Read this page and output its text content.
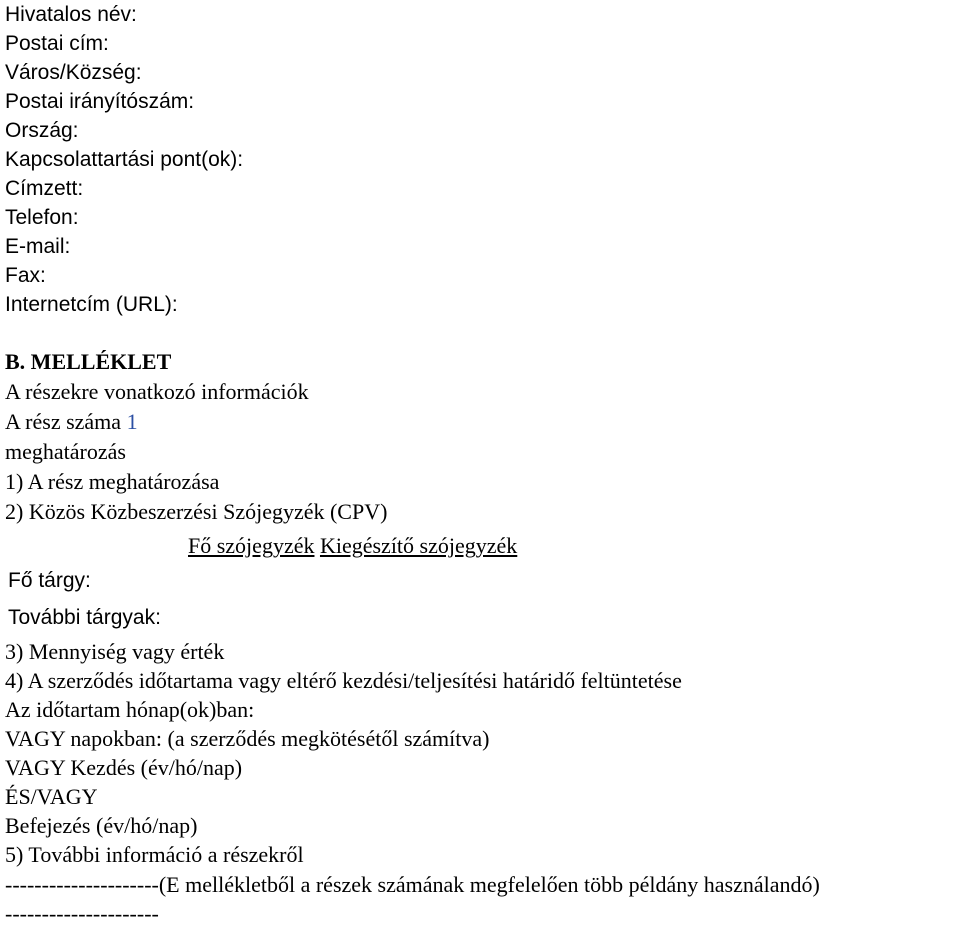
Hivatalos név:
Postai cím:
Város/Község:
Postai irányítószám:
Ország:
Kapcsolattartási pont(ok):
Címzett:
Telefon:
E-mail:
Fax:
Internetcím (URL):
B. MELLÉKLET
A részekre vonatkozó információk
A rész száma 1
meghatározás
1) A rész meghatározása
2) Közös Közbeszerzési Szójegyzék (CPV)
Fő szójegyzék Kiegészítő szójegyzék
Fő tárgy:
További tárgyak:
3) Mennyiség vagy érték
4) A szerződés időtartama vagy eltérő kezdési/teljesítési határidő feltüntetése
Az időtartam hónap(ok)ban:
VAGY napokban: (a szerződés megkötésétől számítva)
VAGY Kezdés (év/hó/nap)
ÉS/VAGY
Befejezés (év/hó/nap)
5) További információ a részekről
---------------------(E mellékletből a részek számának megfelelően több példány használandó)
---------------------
